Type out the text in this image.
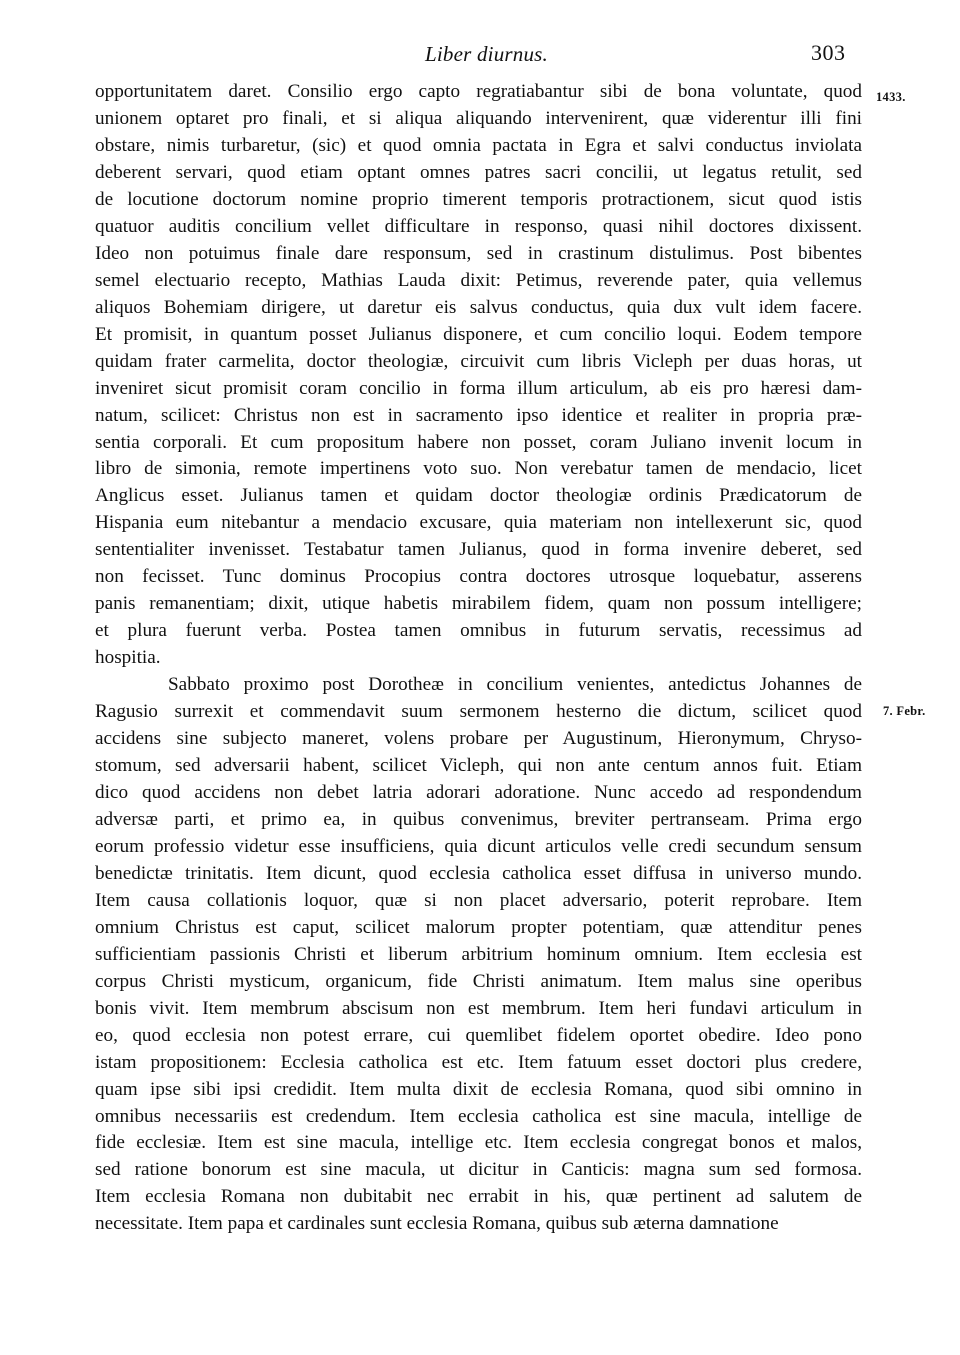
Liber diurnus.	303
1433.
7. Febr.
opportunitatem daret. Consilio ergo capto regratiabantur sibi de bona voluntate, quod
unionem optaret pro finali, et si aliqua aliquando intervenirent, quæ viderentur illi fini
obstare, nimis turbaretur, (sic) et quod omnia pactata in Egra et salvi conductus inviolata
deberent servari, quod etiam optant omnes patres sacri concilii, ut legatus retulit, sed
de locutione doctorum nomine proprio timerent temporis protractionem, sicut quod istis
quatuor auditis concilium vellet difficultare in responso, quasi nihil doctores dixissent.
Ideo non potuimus finale dare responsum, sed in crastinum distulimus. Post bibentes
semel electuario recepto, Mathias Lauda dixit: Petimus, reverende pater, quia vellemus
aliquos Bohemiam dirigere, ut daretur eis salvus conductus, quia dux vult idem facere.
Et promisit, in quantum posset Julianus disponere, et cum concilio loqui. Eodem tempore
quidam frater carmelita, doctor theologiæ, circuivit cum libris Vicleph per duas horas, ut
inveniret sicut promisit coram concilio in forma illum articulum, ab eis pro hæresi dam-
natum, scilicet: Christus non est in sacramento ipso identice et realiter in propria præ-
sentia corporali. Et cum propositum habere non posset, coram Juliano invenit locum in
libro de simonia, remote impertinens voto suo. Non verebatur tamen de mendacio, licet
Anglicus esset. Julianus tamen et quidam doctor theologiæ ordinis Prædicatorum de
Hispania eum nitebantur a mendacio excusare, quia materiam non intellexerunt sic, quod
sententialiter invenisset. Testabatur tamen Julianus, quod in forma invenire deberet, sed
non fecisset. Tunc dominus Procopius contra doctores utrosque loquebatur, asserens
panis remanentiam; dixit, utique habetis mirabilem fidem, quam non possum intelligere;
et plura fuerunt verba. Postea tamen omnibus in futurum servatis, recessimus ad
hospitia.
Sabbato proximo post Dorotheæ in concilium venientes, antedictus Johannes de
Ragusio surrexit et commendavit suum sermonem hesterno die dictum, scilicet quod
accidens sine subjecto maneret, volens probare per Augustinum, Hieronymum, Chryso-
stomum, sed adversarii habent, scilicet Vicleph, qui non ante centum annos fuit. Etiam
dico quod accidens non debet latria adorari adoratione. Nunc accedo ad respondendum
adversæ parti, et primo ea, in quibus convenimus, breviter pertranseam. Prima ergo
eorum professio videtur esse insufficiens, quia dicunt articulos velle credi secundum sensum
benedictæ trinitatis. Item dicunt, quod ecclesia catholica esset diffusa in universo mundo.
Item causa collationis loquor, quæ si non placet adversario, poterit reprobare. Item
omnium Christus est caput, scilicet malorum propter potentiam, quæ attenditur penes
sufficientiam passionis Christi et liberum arbitrium hominum omnium. Item ecclesia est
corpus Christi mysticum, organicum, fide Christi animatum. Item malus sine operibus
bonis vivit. Item membrum abscisum non est membrum. Item heri fundavi articulum in
eo, quod ecclesia non potest errare, cui quemlibet fidelem oportet obedire. Ideo pono
istam propositionem: Ecclesia catholica est etc. Item fatuum esset doctori plus credere,
quam ipse sibi ipsi credidit. Item multa dixit de ecclesia Romana, quod sibi omnino in
omnibus necessariis est credendum. Item ecclesia catholica est sine macula, intellige de
fide ecclesiæ. Item est sine macula, intellige etc. Item ecclesia congregat bonos et malos,
sed ratione bonorum est sine macula, ut dicitur in Canticis: magna sum sed formosa.
Item ecclesia Romana non dubitabit nec errabit in his, quæ pertinent ad salutem de
necessitate. Item papa et cardinales sunt ecclesia Romana, quibus sub æterna damnatione
